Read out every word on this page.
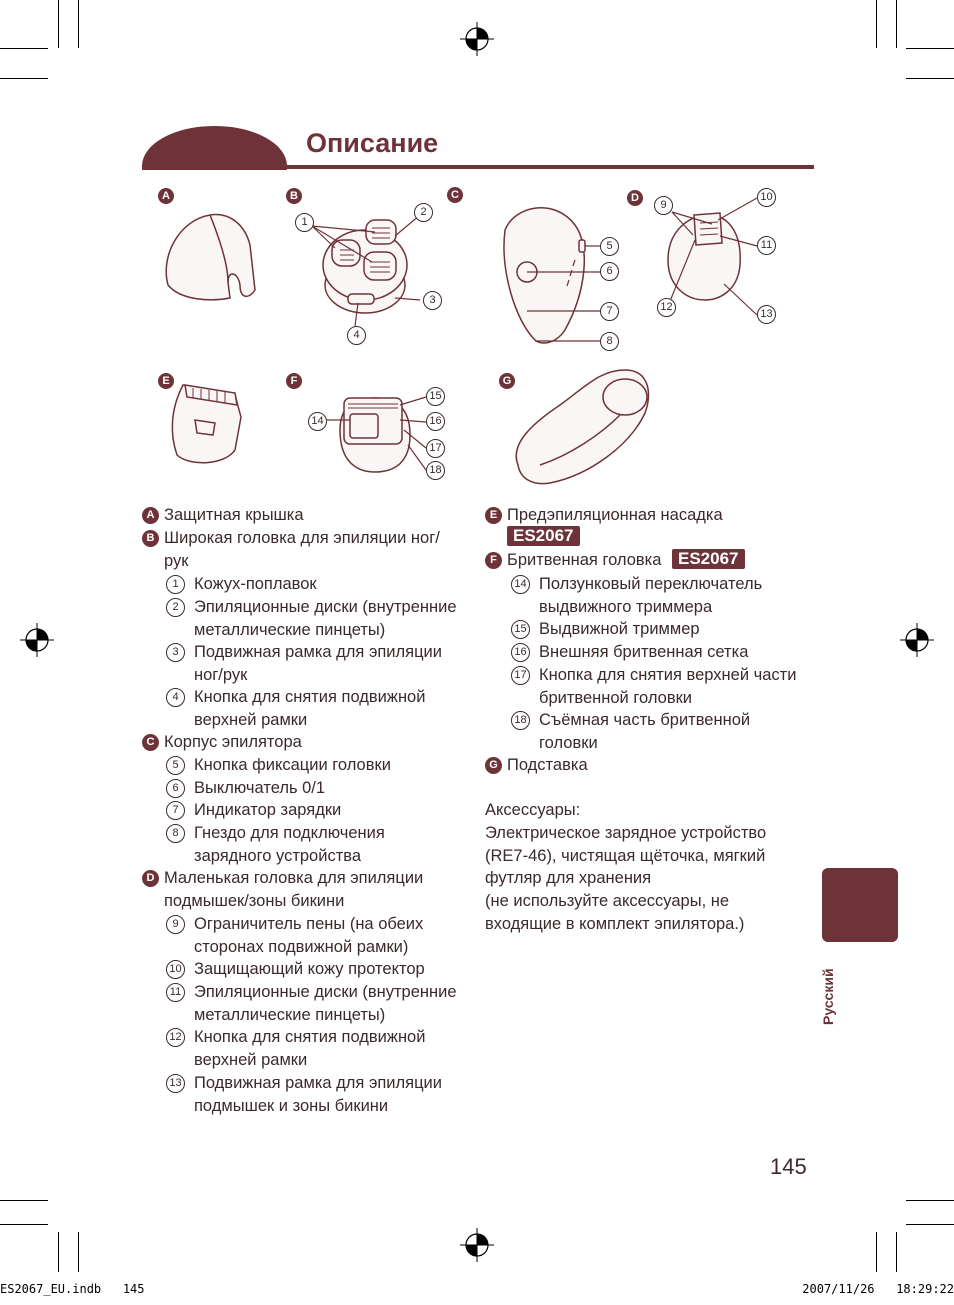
Описание
A	B	C	D
E	F	G
1
2
3
4
5
6
7
8
9
10
11
12
13
14
15
16
17
18
A Защитная крышка
B Широкая головка для эпиляции ног/
рук
1 Кожух-поплавок
2 Эпиляционные диски (внутренние
металлические пинцеты)
3 Подвижная рамка для эпиляции
ног/рук
4 Кнопка для снятия подвижной
верхней рамки
C Корпус эпилятора
5 Кнопка фиксации головки
6 Выключатель 0/1
7 Индикатор зарядки
8 Гнездо для подключения
зарядного устройства
D Маленькая головка для эпиляции
подмышек/зоны бикини
9 Ограничитель пены (на обеих
сторонах подвижной рамки)
10 Защищающий кожу протектор
11 Эпиляционные диски (внутренние
металлические пинцеты)
12 Кнопка для снятия подвижной
верхней рамки
13 Подвижная рамка для эпиляции
подмышек и зоны бикини
E Предэпиляционная насадка
ES2067
F Бритвенная головка ES2067
14 Ползунковый переключатель
выдвижного триммера
15 Выдвижной триммер
16 Внешняя бритвенная сетка
17 Кнопка для снятия верхней части
бритвенной головки
18 Съёмная часть бритвенной
головки
G Подставка
Аксессуары:
Электрическое зарядное устройство
(RE7-46), чистящая щёточка, мягкий
футляр для хранения
(не используйте аксессуары, не
входящие в комплект эпилятора.)
Русский
145
ES2067_EU.indb   145	2007/11/26   18:29:22
